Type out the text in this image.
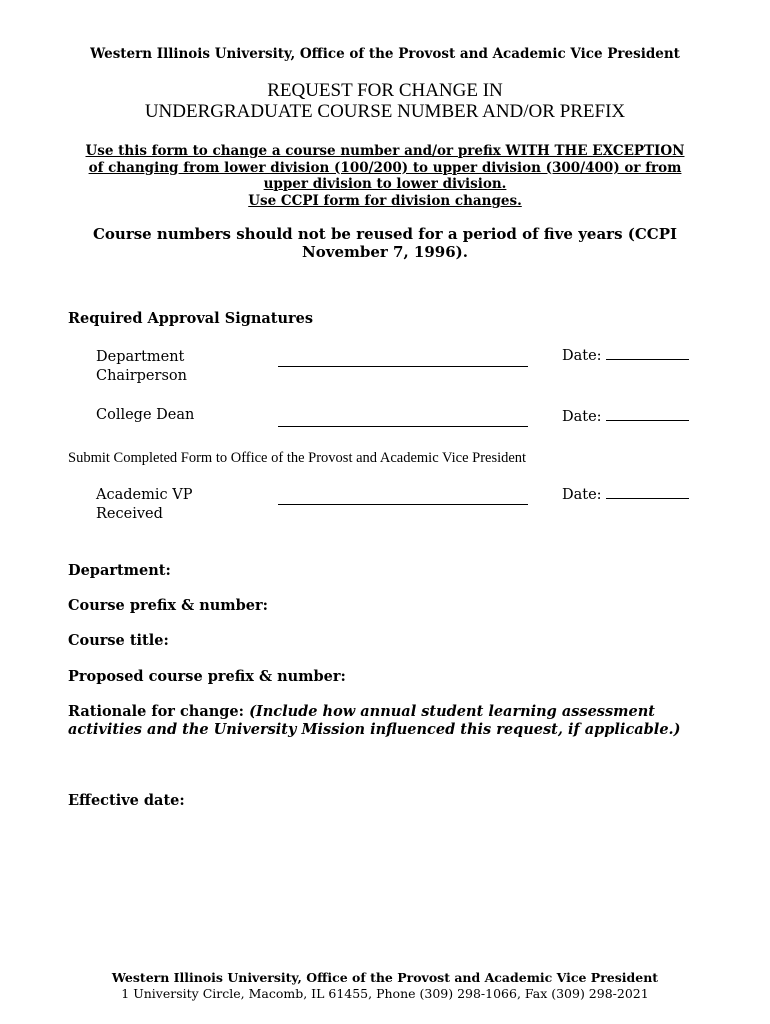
Western Illinois University, Office of the Provost and Academic Vice President
REQUEST FOR CHANGE IN
UNDERGRADUATE COURSE NUMBER AND/OR PREFIX
Use this form to change a course number and/or prefix WITH THE EXCEPTION
of changing from lower division (100/200) to upper division (300/400) or from
upper division to lower division.
Use CCPI form for division changes.
Course numbers should not be reused for a period of five years (CCPI November 7, 1996).
Required Approval Signatures
Department
Chairperson
Date:
College Dean	Date:
Submit Completed Form to Office of the Provost and Academic Vice President
Academic VP
Received
Date:
Department:
Course prefix & number:
Course title:
Proposed course prefix & number:
Rationale for change: (Include how annual student learning assessment activities and the University Mission influenced this request, if applicable.)
Effective date:
Western Illinois University, Office of the Provost and Academic Vice President
1 University Circle, Macomb, IL 61455, Phone (309) 298-1066, Fax (309) 298-2021
